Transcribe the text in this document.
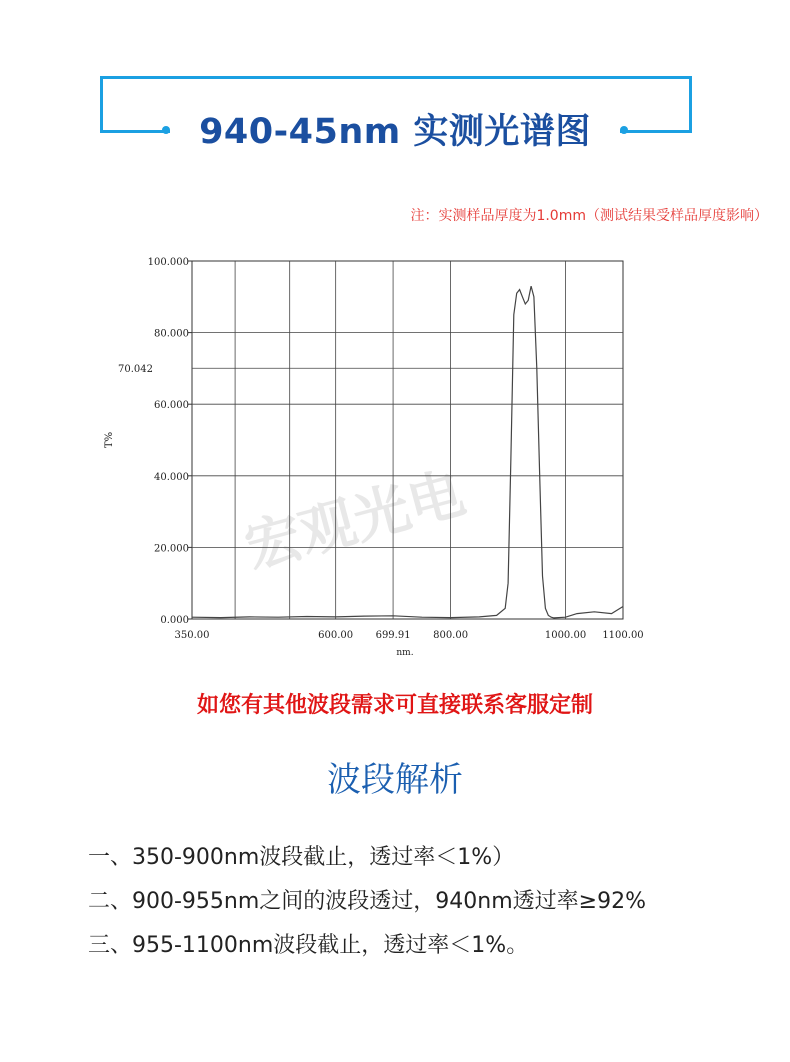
940-45nm 实测光谱图
注：实测样品厚度为1.0mm（测试结果受样品厚度影响）
宏观光电
350.00	600.00 699.91 800.00	1000.00 1100.00
0.000
20.000
40.000
60.000
80.000
100.000
70.042
T%
nm.
如您有其他波段需求可直接联系客服定制
波段解析
一、350-900nm波段截止，透过率＜1%）
二、900-955nm之间的波段透过，940nm透过率≥92%
三、955-1100nm波段截止，透过率＜1%。
